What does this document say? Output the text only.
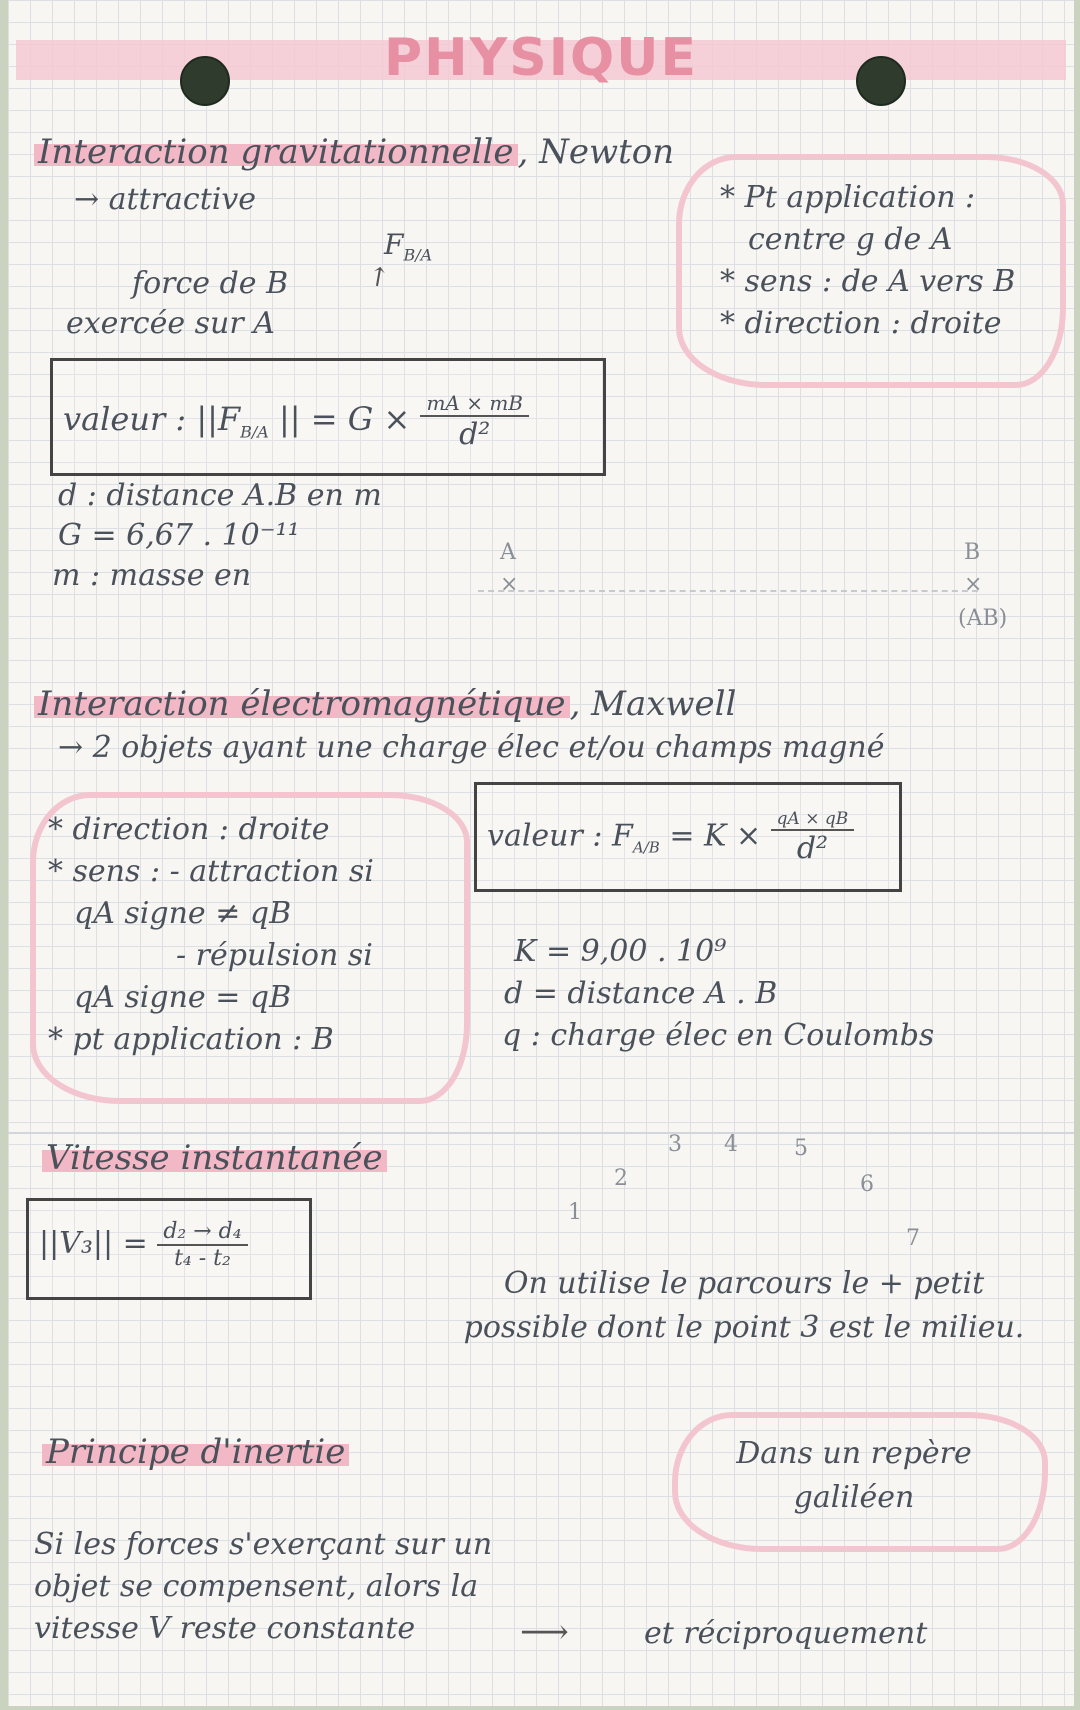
PHYSIQUE
Interaction gravitationnelle , Newton
→ attractive
$F_{B/A}$
↗
force de B
exercée sur A
* Pt application :
centre g de A
* sens : de A vers B
* direction : droite
valeur : $||F_{B/A}$ || = $G \times \frac{mA \times mB}{\text{d²}}$
d : distance A.B en m
G = 6,67 . 10⁻¹¹
m : masse en
A
×
B
×
(AB)
Interaction électromagnétique , Maxwell
→ 2 objets ayant une charge élec et/ou champs magné
* direction : droite
* sens : - attraction si
qA signe ≠ qB
- répulsion si
qA signe = qB
* pt application : B
valeur : $F_{A/B} = K \times \frac{qA \times qB}{\text{d²}}$
K = 9,00 . 10⁹
d = distance A . B
q : charge élec en Coulombs
Vitesse instantanée
$||V_3|| = \frac{\text{d₂ → d₄}}{\text{t₄ - t₂}}$
1
2
3 4	5
6
7
On utilise le parcours le + petit possible dont le point 3 est le milieu.
Principe d'inertie	Dans un repère galiléen
Si les forces s'exerçant sur un objet se compensent, alors la vitesse V reste constante	⟶	et réciproquement
